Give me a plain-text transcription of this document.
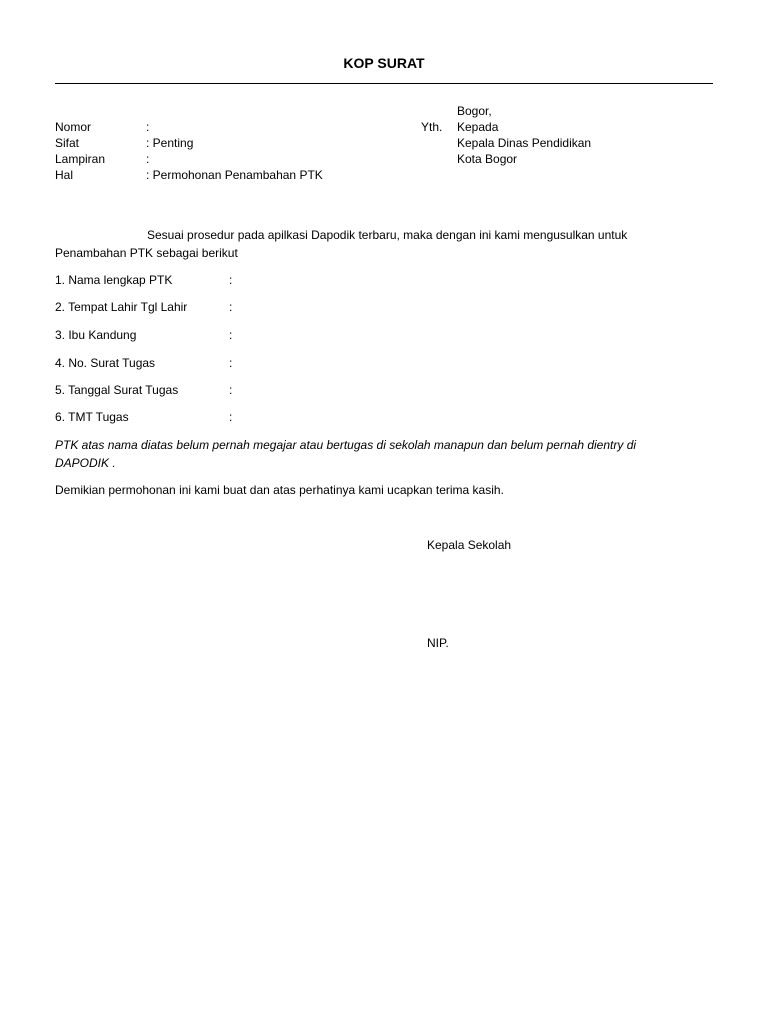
KOP SURAT
Bogor,
Nomor	:
Sifat	: Penting
Lampiran	:
Hal	: Permohonan Penambahan PTK
Yth. Kepada
Kepala Dinas Pendidikan
Kota Bogor
Sesuai prosedur pada apilkasi Dapodik terbaru, maka dengan ini kami mengusulkan untuk
Penambahan PTK sebagai berikut
1. Nama lengkap PTK	:
2. Tempat Lahir Tgl Lahir	:
3. Ibu Kandung	:
4. No. Surat Tugas	:
5. Tanggal Surat Tugas	:
6. TMT Tugas	:
PTK atas nama diatas belum pernah megajar atau bertugas di sekolah manapun dan belum pernah dientry di
DAPODIK .
Demikian permohonan ini kami buat dan atas perhatinya kami ucapkan terima kasih.
Kepala Sekolah
NIP.
